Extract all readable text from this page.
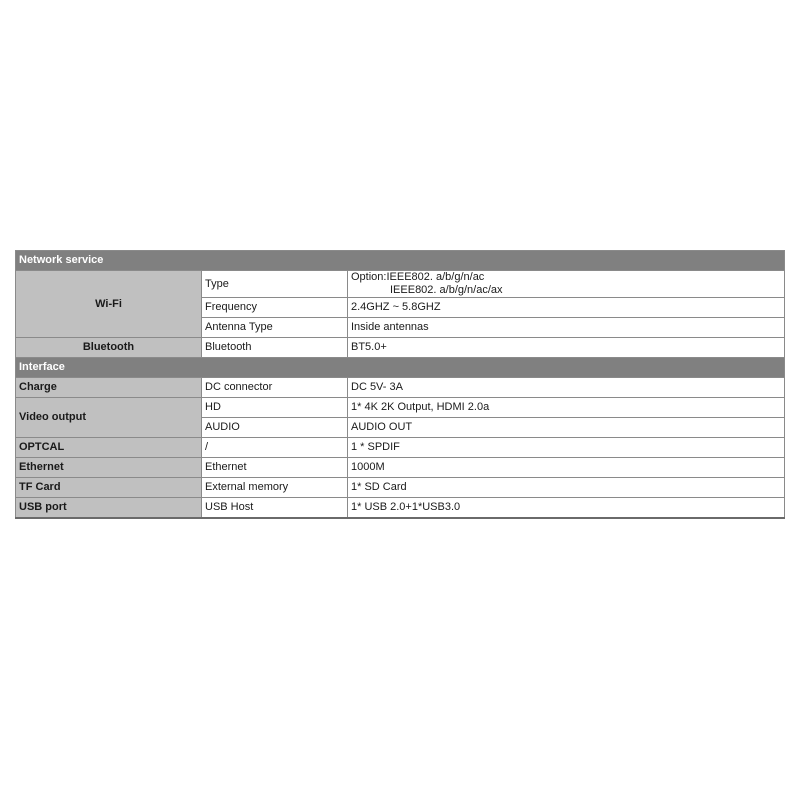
Network service		
Wi-Fi	Type	Option:IEEE802. a/b/g/n/ac
IEEE802. a/b/g/n/ac/ax

	Frequency	2.4GHZ ~ 5.8GHZ
	Antenna Type	Inside antennas
Bluetooth	Bluetooth	BT5.0+
Interface		
Charge	DC connector	DC 5V- 3A
Video output	HD	1* 4K 2K Output, HDMI 2.0a
	AUDIO	AUDIO OUT
OPTCAL	/	1 * SPDIF
Ethernet	Ethernet	1000M
TF Card	External memory	1* SD Card
USB port	USB Host	1* USB 2.0+1*USB3.0
